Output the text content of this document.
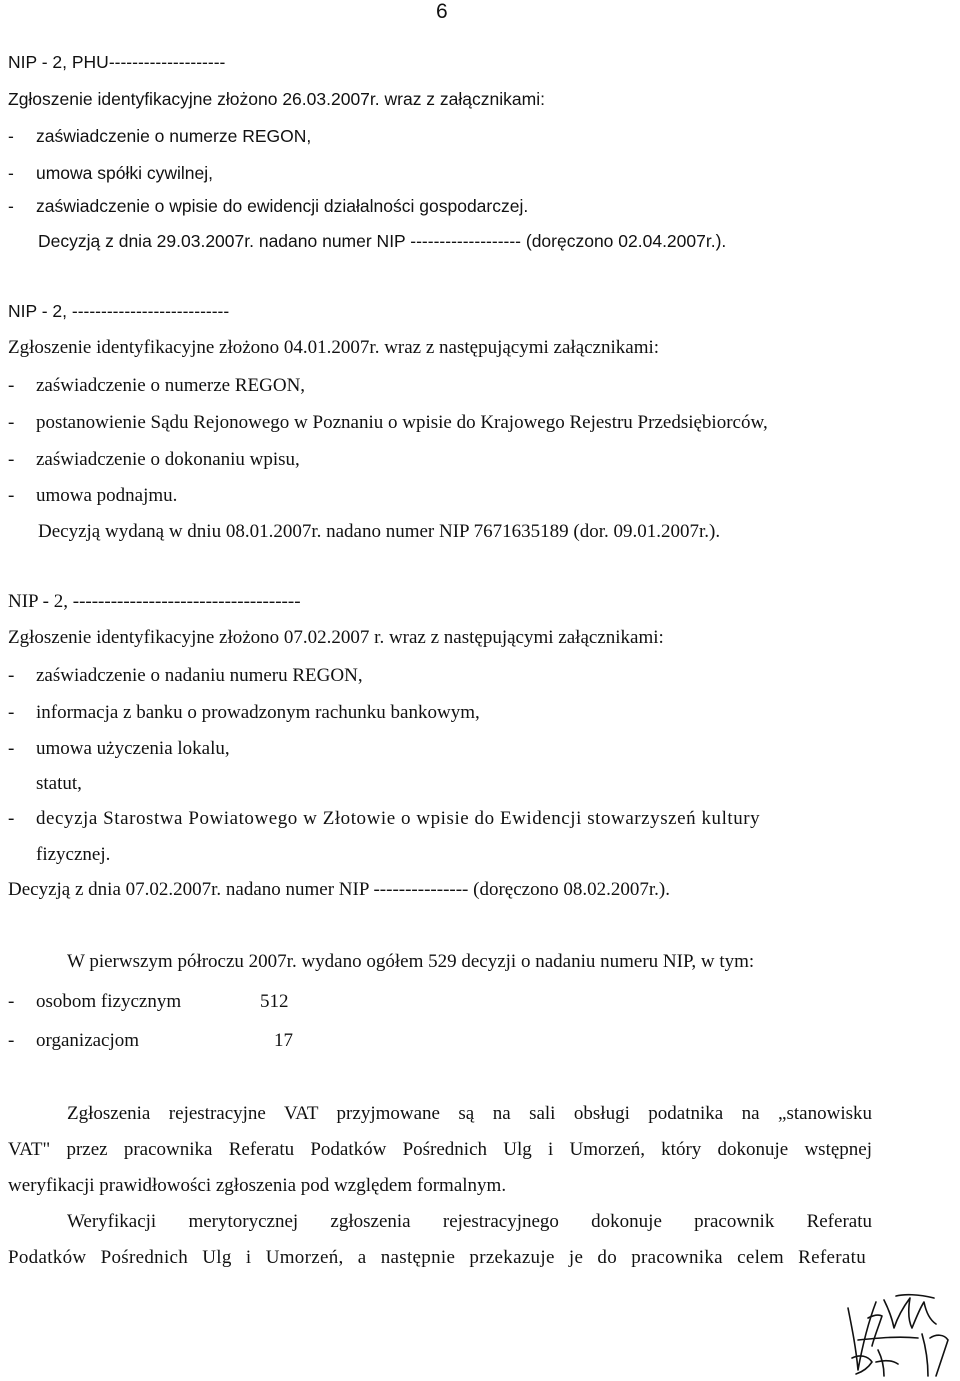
6
NIP - 2, PHU--------------------
Zgłoszenie identyfikacyjne złożono 26.03.2007r. wraz z załącznikami:
- zaświadczenie o numerze REGON,
- umowa spółki cywilnej,
- zaświadczenie o wpisie do ewidencji działalności gospodarczej.
Decyzją z dnia 29.03.2007r. nadano numer NIP ------------------- (doręczono 02.04.2007r.).
NIP - 2, ---------------------------
Zgłoszenie identyfikacyjne złożono 04.01.2007r. wraz z następującymi załącznikami:
- zaświadczenie o numerze REGON,
- postanowienie Sądu Rejonowego w Poznaniu o wpisie do Krajowego Rejestru Przedsiębiorców,
- zaświadczenie o dokonaniu wpisu,
- umowa podnajmu.
Decyzją wydaną w dniu 08.01.2007r. nadano numer NIP 7671635189 (dor. 09.01.2007r.).
NIP - 2, ------------------------------------
Zgłoszenie identyfikacyjne złożono 07.02.2007 r. wraz z następującymi załącznikami:
- zaświadczenie o nadaniu numeru REGON,
- informacja z banku o prowadzonym rachunku bankowym,
- umowa użyczenia lokalu,
statut,
- decyzja Starostwa Powiatowego w Złotowie o wpisie do Ewidencji stowarzyszeń kultury
fizycznej.
Decyzją z dnia 07.02.2007r. nadano numer NIP --------------- (doręczono 08.02.2007r.).
W pierwszym półroczu 2007r. wydano ogółem 529 decyzji o nadaniu numeru NIP, w tym:
- osobom fizycznym	512
- organizacjom	17
Zgłoszenia rejestracyjne VAT przyjmowane są na sali obsługi podatnika na „stanowisku
VAT" przez pracownika Referatu Podatków Pośrednich Ulg i Umorzeń, który dokonuje wstępnej
weryfikacji prawidłowości zgłoszenia pod względem formalnym.
Weryfikacji merytorycznej zgłoszenia rejestracyjnego dokonuje pracownik Referatu
Podatków Pośrednich Ulg i Umorzeń, a następnie przekazuje je do pracownika celem Referatu
